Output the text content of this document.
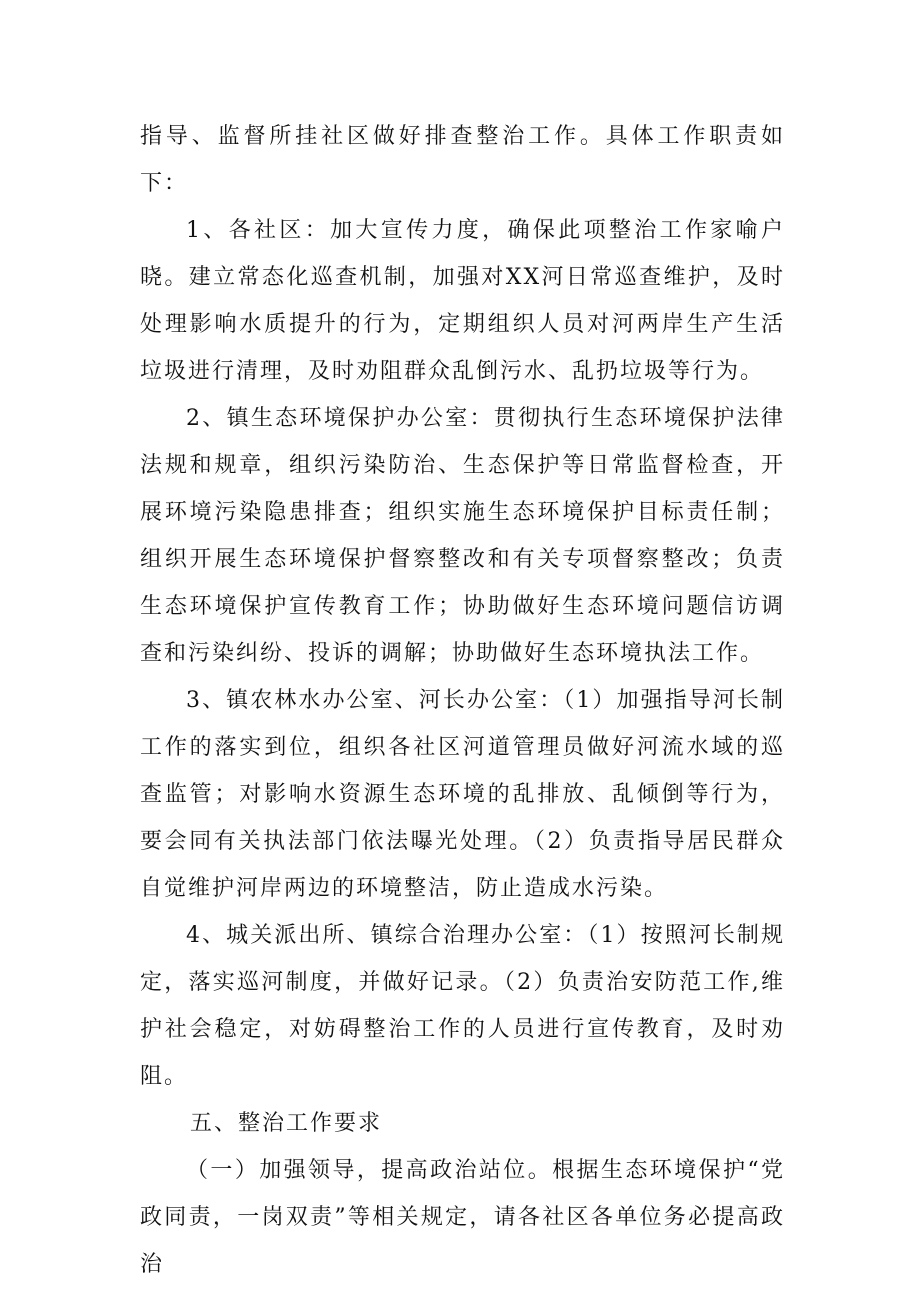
指导、监督所挂社区做好排查整治工作。具体工作职责如下：

1、各社区：加大宣传力度，确保此项整治工作家喻户晓。建立常态化巡查机制，加强对XX河日常巡查维护，及时处理影响水质提升的行为，定期组织人员对河两岸生产生活垃圾进行清理，及时劝阻群众乱倒污水、乱扔垃圾等行为。

2、镇生态环境保护办公室：贯彻执行生态环境保护法律法规和规章，组织污染防治、生态保护等日常监督检查，开展环境污染隐患排查；组织实施生态环境保护目标责任制；组织开展生态环境保护督察整改和有关专项督察整改；负责生态环境保护宣传教育工作；协助做好生态环境问题信访调查和污染纠纷、投诉的调解；协助做好生态环境执法工作。

3、镇农林水办公室、河长办公室：（1）加强指导河长制工作的落实到位，组织各社区河道管理员做好河流水域的巡查监管；对影响水资源生态环境的乱排放、乱倾倒等行为，要会同有关执法部门依法曝光处理。（2）负责指导居民群众自觉维护河岸两边的环境整洁，防止造成水污染。

4、城关派出所、镇综合治理办公室：（1）按照河长制规定，落实巡河制度，并做好记录。（2）负责治安防范工作,维护社会稳定，对妨碍整治工作的人员进行宣传教育，及时劝阻。

五、整治工作要求

（一）加强领导，提高政治站位。根据生态环境保护“党政同责，一岗双责”等相关规定，请各社区各单位务必提高政治
